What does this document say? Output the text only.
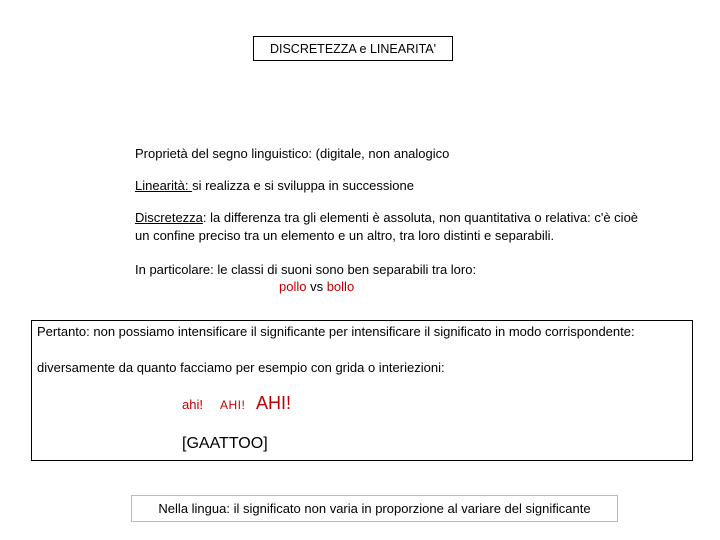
DISCRETEZZA e LINEARITA'
Proprietà del segno linguistico: (digitale, non analogico
Linearità: si realizza e si sviluppa in successione
Discretezza: la differenza tra gli elementi è assoluta, non quantitativa o relativa: c'è cioè
un confine preciso tra un elemento e un altro, tra loro distinti e separabili.
In particolare: le classi di suoni sono ben separabili tra loro:
pollo vs bollo
Pertanto: non possiamo intensificare il significante per intensificare il significato in modo corrispondente:
diversamente da quanto facciamo per esempio con grida o interiezioni:
ahi! AHI! AHI!
[GAATTOO]
Nella lingua: il significato non varia in proporzione al variare del significante
